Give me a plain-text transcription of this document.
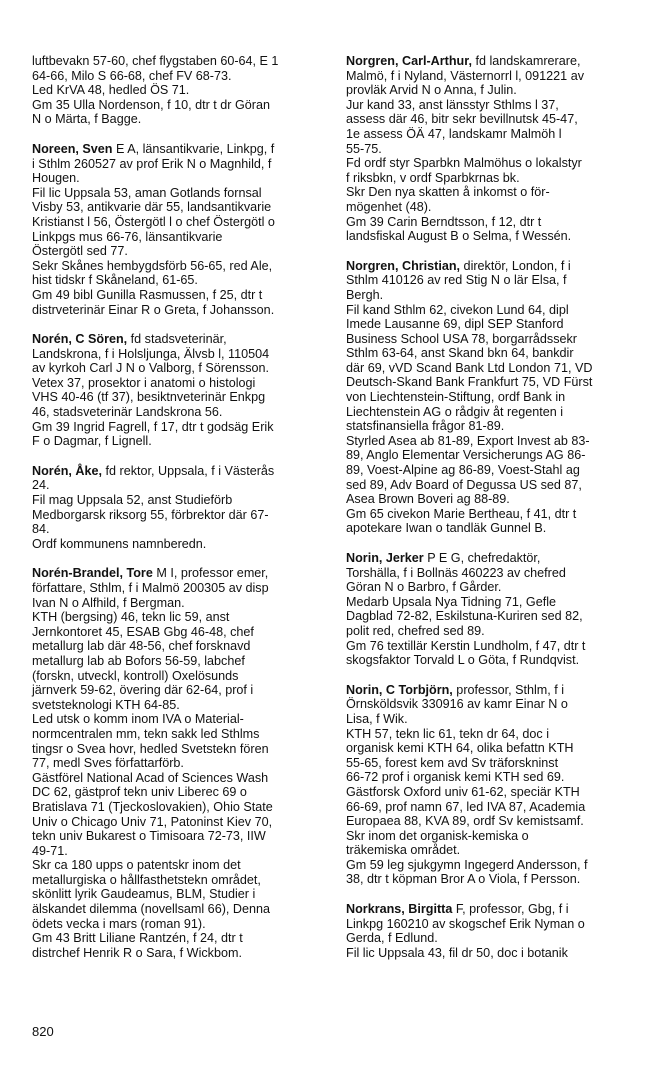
luftbevakn 57-60, chef flygstaben 60-64, E 1
64-66, Milo S 66-68, chef FV 68-73.
Led KrVA 48, hedled ÖS 71.
Gm 35 Ulla Nordenson, f 10, dtr t dr Göran
N o Märta, f Bagge.
Noreen, Sven E A, länsantikvarie, Linkpg, f
i Sthlm 260527 av prof Erik N o Magnhild, f
Hougen.
Fil lic Uppsala 53, aman Gotlands fornsal
Visby 53, antikvarie där 55, landsantikvarie
Kristianst l 56, Östergötl l o chef Östergötl o
Linkpgs mus 66-76, länsantikvarie
Östergötl sed 77.
Sekr Skånes hembygdsförb 56-65, red Ale,
hist tidskr f Skåneland, 61-65.
Gm 49 bibl Gunilla Rasmussen, f 25, dtr t
distrveterinär Einar R o Greta, f Johansson.
Norén, C Sören, fd stadsveterinär,
Landskrona, f i Holsljunga, Älvsb l, 110504
av kyrkoh Carl J N o Valborg, f Sörensson.
Vetex 37, prosektor i anatomi o histologi
VHS 40-46 (tf 37), besiktnveterinär Enkpg
46, stadsveterinär Landskrona 56.
Gm 39 Ingrid Fagrell, f 17, dtr t godsäg Erik
F o Dagmar, f Lignell.
Norén, Åke, fd rektor, Uppsala, f i Västerås
24.
Fil mag Uppsala 52, anst Studieförb
Medborgarsk riksorg 55, förbrektor där 67-
84.
Ordf kommunens namnberedn.
Norén-Brandel, Tore M I, professor emer,
författare, Sthlm, f i Malmö 200305 av disp
Ivan N o Alfhild, f Bergman.
KTH (bergsing) 46, tekn lic 59, anst
Jernkontoret 45, ESAB Gbg 46-48, chef
metallurg lab där 48-56, chef forsknavd
metallurg lab ab Bofors 56-59, labchef
(forskn, utveckl, kontroll) Oxelösunds
järnverk 59-62, övering där 62-64, prof i
svetsteknologi KTH 64-85.
Led utsk o komm inom IVA o Material-
normcentralen mm, tekn sakk led Sthlms
tingsr o Svea hovr, hedled Svetstekn fören
77, medl Sves författarförb.
Gästförel National Acad of Sciences Wash
DC 62, gästprof tekn univ Liberec 69 o
Bratislava 71 (Tjeckoslovakien), Ohio State
Univ o Chicago Univ 71, Patoninst Kiev 70,
tekn univ Bukarest o Timisoara 72-73, IIW
49-71.
Skr ca 180 upps o patentskr inom det
metallurgiska o hållfasthetstekn området,
skönlitt lyrik Gaudeamus, BLM, Studier i
älskandet dilemma (novellsaml 66), Denna
ödets vecka i mars (roman 91).
Gm 43 Britt Liliane Rantzén, f 24, dtr t
distrchef Henrik R o Sara, f Wickbom.
Norgren, Carl-Arthur, fd landskamrerare,
Malmö, f i Nyland, Västernorrl l, 091221 av
provläk Arvid N o Anna, f Julin.
Jur kand 33, anst länsstyr Sthlms l 37,
assess där 46, bitr sekr bevillnutsk 45-47,
1e assess ÖÄ 47, landskamr Malmöh l
55-75.
Fd ordf styr Sparbkn Malmöhus o lokalstyr
f riksbkn, v ordf Sparbkrnas bk.
Skr Den nya skatten å inkomst o för-
mögenhet (48).
Gm 39 Carin Berndtsson, f 12, dtr t
landsfiskal August B o Selma, f Wessén.
Norgren, Christian, direktör, London, f i
Sthlm 410126 av red Stig N o lär Elsa, f
Bergh.
Fil kand Sthlm 62, civekon Lund 64, dipl
Imede Lausanne 69, dipl SEP Stanford
Business School USA 78, borgarrådssekr
Sthlm 63-64, anst Skand bkn 64, bankdir
där 69, vVD Scand Bank Ltd London 71, VD
Deutsch-Skand Bank Frankfurt 75, VD Fürst
von Liechtenstein-Stiftung, ordf Bank in
Liechtenstein AG o rådgiv åt regenten i
statsfinansiella frågor 81-89.
Styrled Asea ab 81-89, Export Invest ab 83-
89, Anglo Elementar Versicherungs AG 86-
89, Voest-Alpine ag 86-89, Voest-Stahl ag
sed 89, Adv Board of Degussa US sed 87,
Asea Brown Boveri ag 88-89.
Gm 65 civekon Marie Bertheau, f 41, dtr t
apotekare Iwan o tandläk Gunnel B.
Norin, Jerker P E G, chefredaktör,
Torshälla, f i Bollnäs 460223 av chefred
Göran N o Barbro, f Gårder.
Medarb Upsala Nya Tidning 71, Gefle
Dagblad 72-82, Eskilstuna-Kuriren sed 82,
polit red, chefred sed 89.
Gm 76 textillär Kerstin Lundholm, f 47, dtr t
skogsfaktor Torvald L o Göta, f Rundqvist.
Norin, C Torbjörn, professor, Sthlm, f i
Örnsköldsvik 330916 av kamr Einar N o
Lisa, f Wik.
KTH 57, tekn lic 61, tekn dr 64, doc i
organisk kemi KTH 64, olika befattn KTH
55-65, forest kem avd Sv träforskninst
66-72 prof i organisk kemi KTH sed 69.
Gästforsk Oxford univ 61-62, speciär KTH
66-69, prof namn 67, led IVA 87, Academia
Europaea 88, KVA 89, ordf Sv kemistsamf.
Skr inom det organisk-kemiska o
träkemiska området.
Gm 59 leg sjukgymn Ingegerd Andersson, f
38, dtr t köpman Bror A o Viola, f Persson.
Norkrans, Birgitta F, professor, Gbg, f i
Linkpg 160210 av skogschef Erik Nyman o
Gerda, f Edlund.
Fil lic Uppsala 43, fil dr 50, doc i botanik
820
